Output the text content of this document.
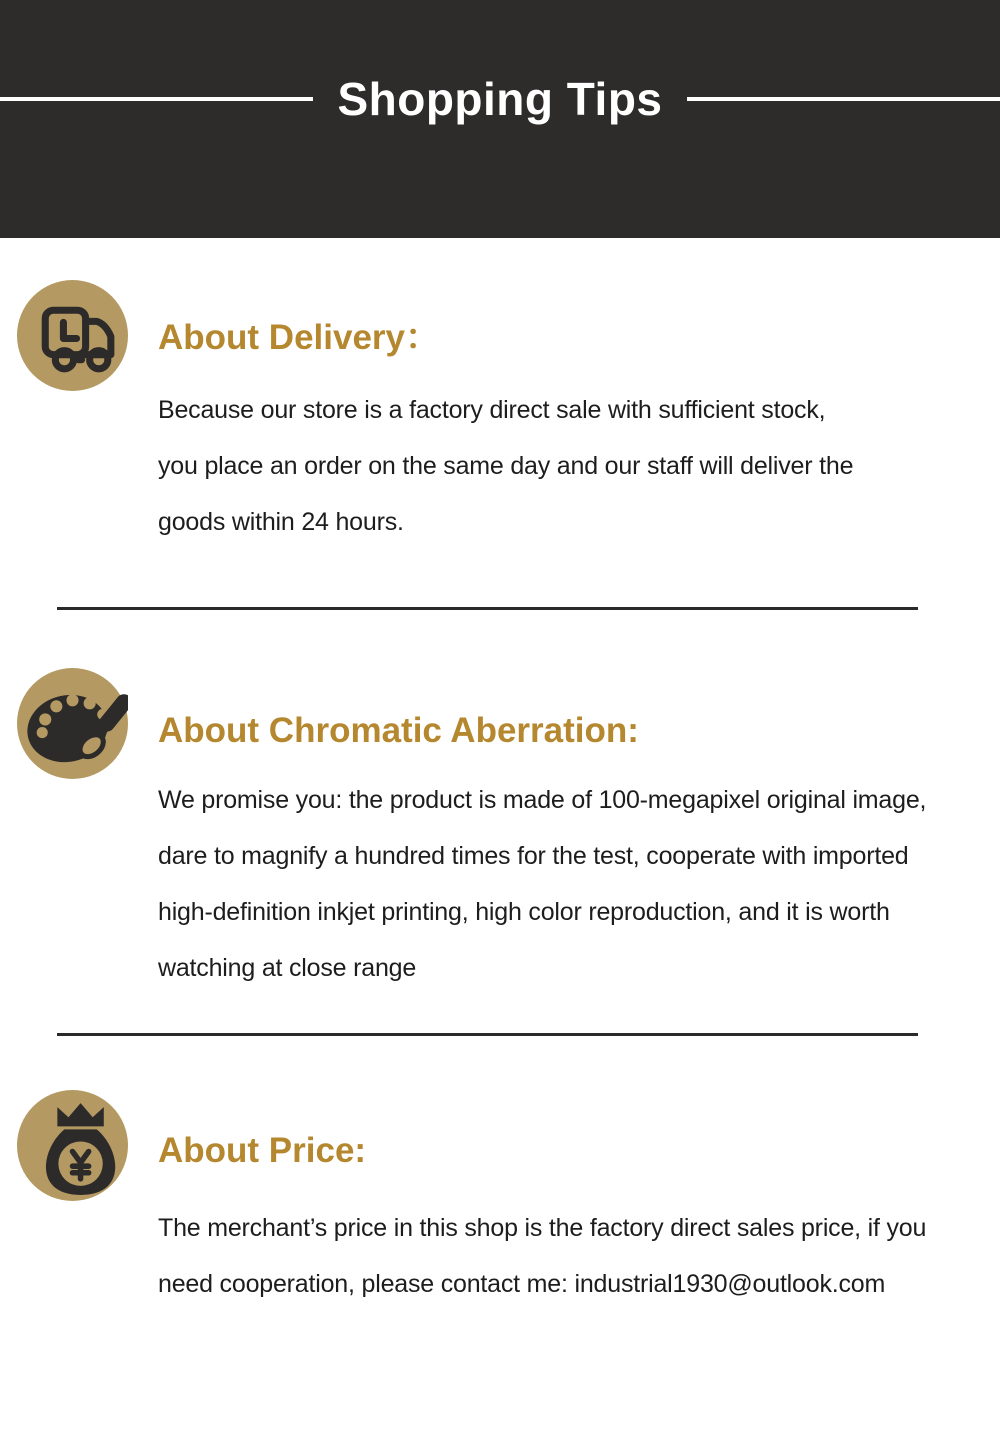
Shopping Tips
About Delivery：
Because our store is a factory direct sale with sufficient stock,
you place an order on the same day and our staff will deliver the
goods within 24 hours.
About Chromatic Aberration:
We promise you: the product is made of 100-megapixel original image,
dare to magnify a hundred times for the test, cooperate with imported
high-definition inkjet printing, high color reproduction, and it is worth
watching at close range
About Price:
The merchant’s price in this shop is the factory direct sales price, if you
need cooperation, please contact me: industrial1930@outlook.com
